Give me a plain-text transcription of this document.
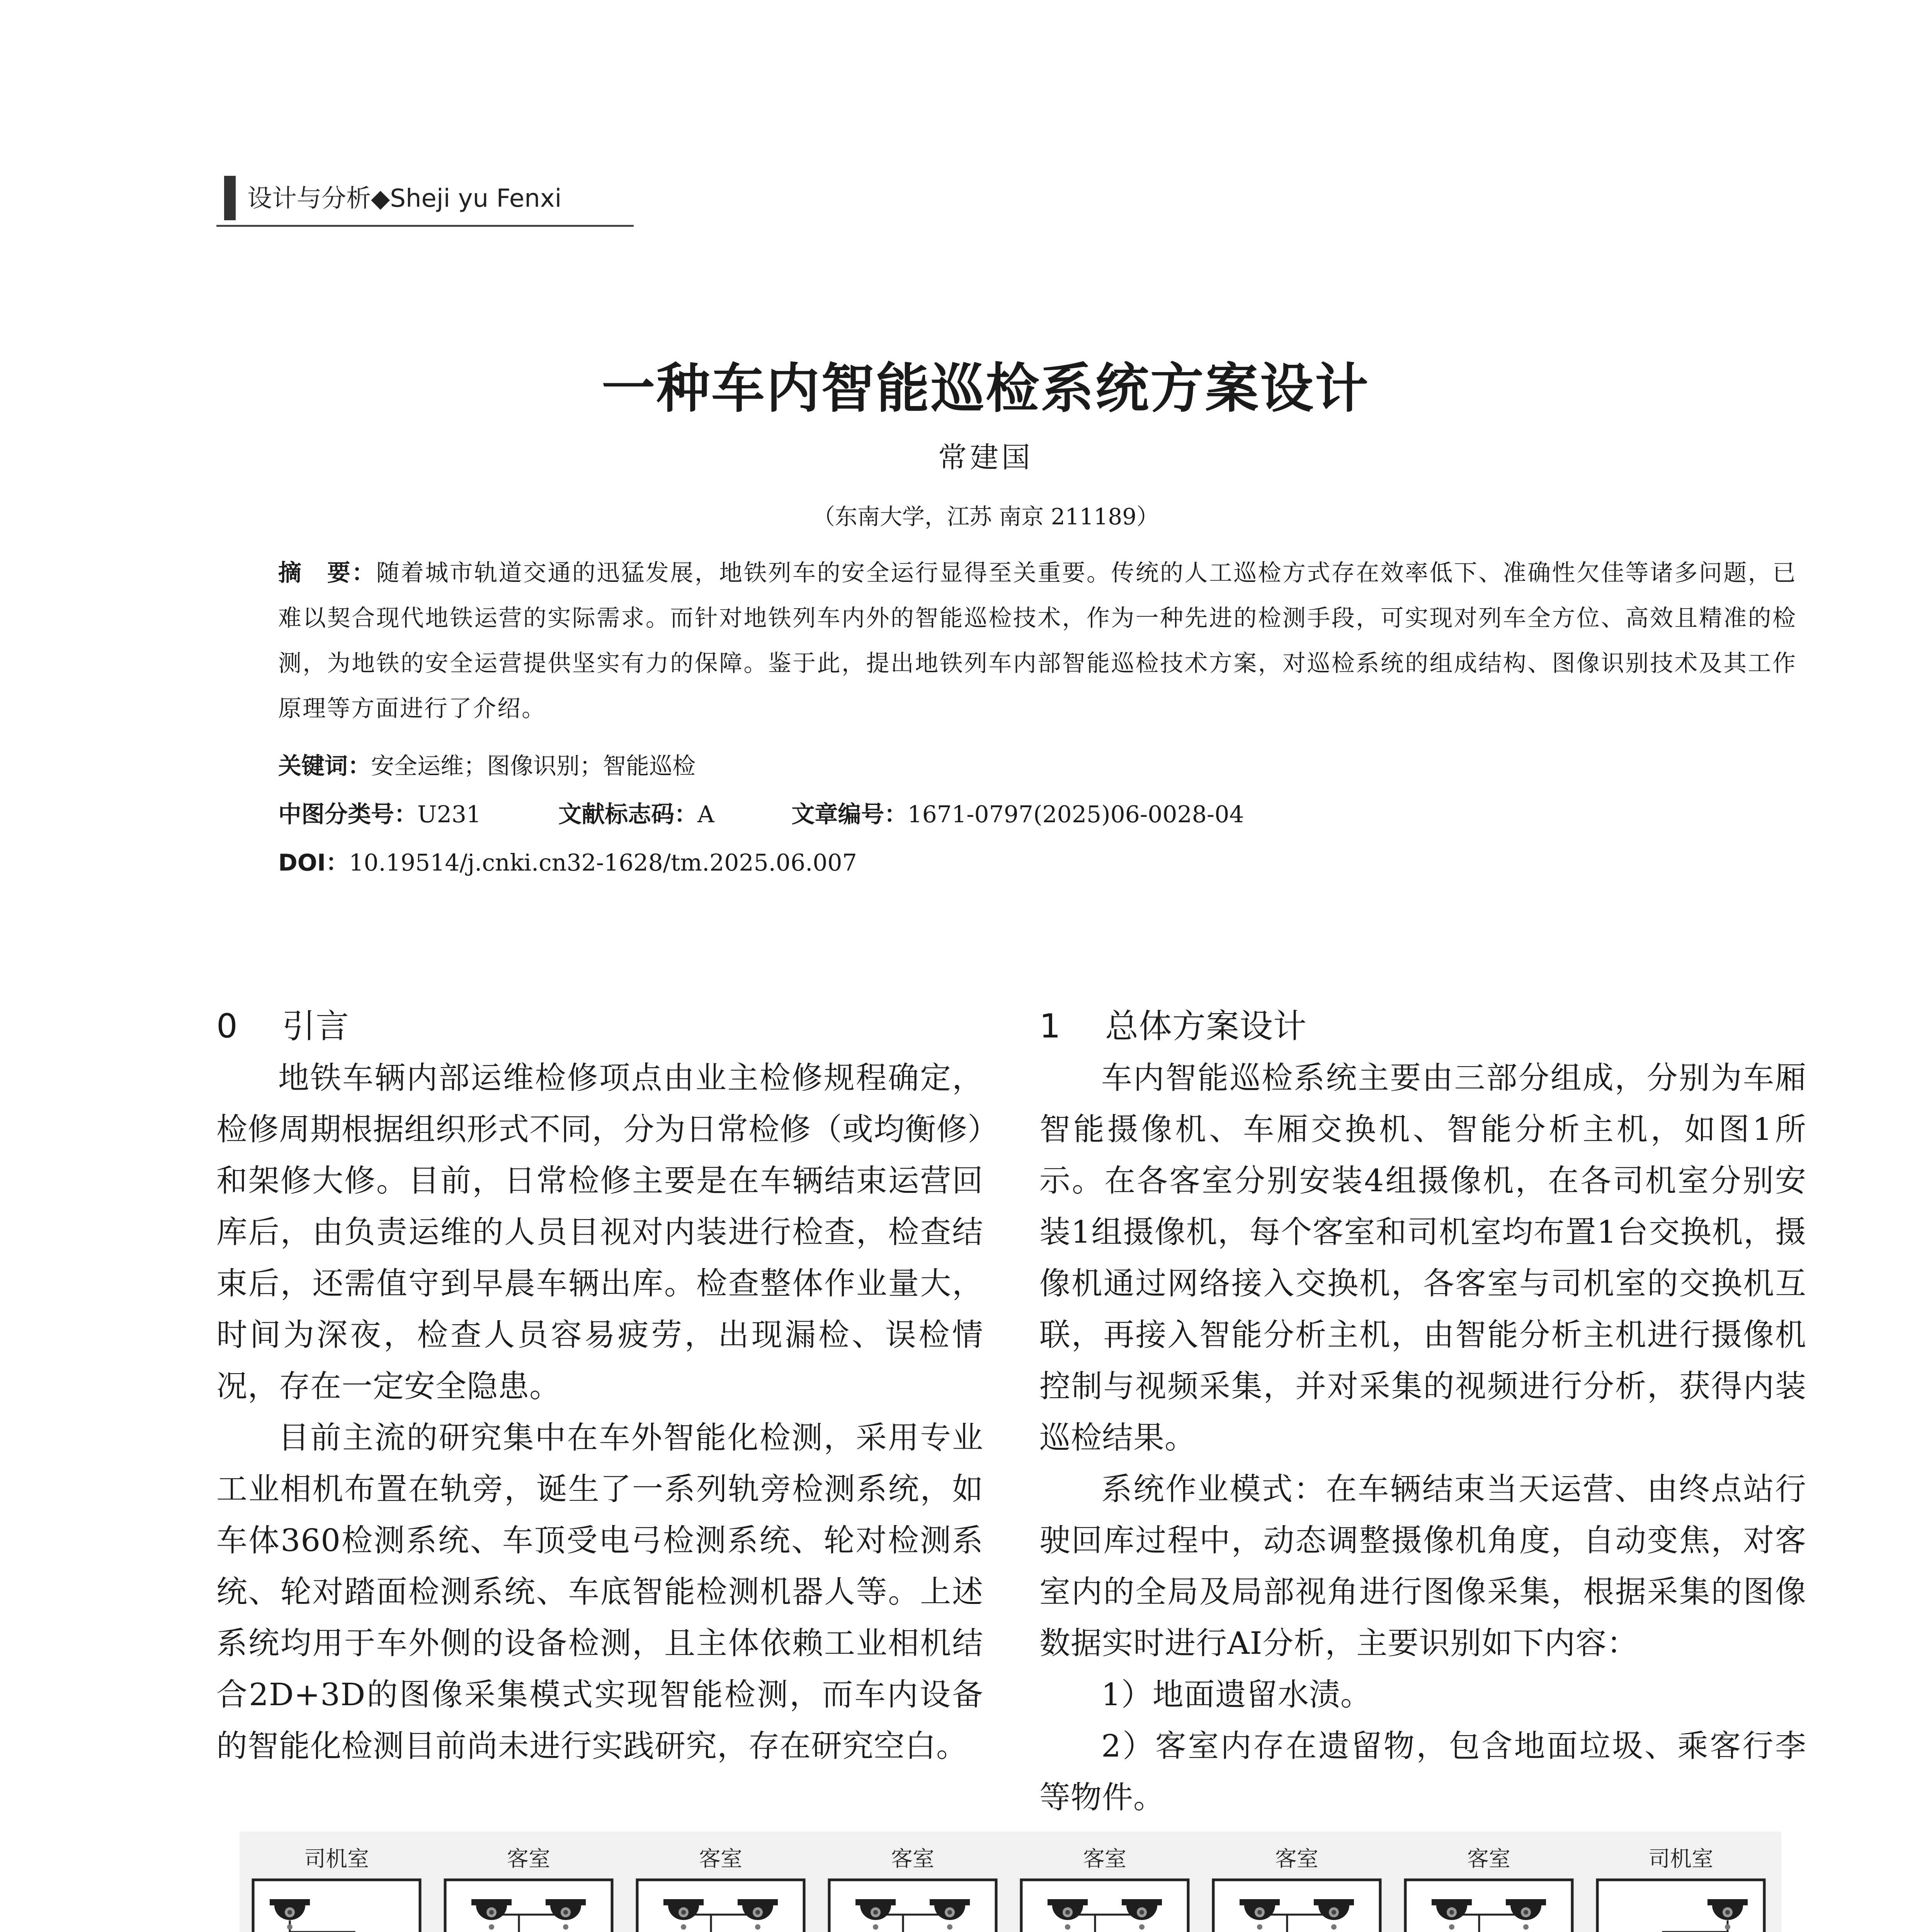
设计与分析◆Sheji yu Fenxi
一种车内智能巡检系统方案设计
常建国
（东南大学，江苏 南京 211189）
摘　要：随着城市轨道交通的迅猛发展，地铁列车的安全运行显得至关重要。传统的人工巡检方式存在效率低下、准确性欠佳等诸多问题，已难以契合现代地铁运营的实际需求。而针对地铁列车内外的智能巡检技术，作为一种先进的检测手段，可实现对列车全方位、高效且精准的检测，为地铁的安全运营提供坚实有力的保障。鉴于此，提出地铁列车内部智能巡检技术方案，对巡检系统的组成结构、图像识别技术及其工作原理等方面进行了介绍。
关键词：安全运维；图像识别；智能巡检
中图分类号：U231	文献标志码：A	文章编号：1671-0797(2025)06-0028-04
DOI：10.19514/j.cnki.cn32-1628/tm.2025.06.007
0 引言

地铁车辆内部运维检修项点由业主检修规程确定，检修周期根据组织形式不同，分为日常检修（或均衡修）和架修大修。目前，日常检修主要是在车辆结束运营回库后，由负责运维的人员目视对内装进行检查，检查结束后，还需值守到早晨车辆出库。检查整体作业量大，时间为深夜，检查人员容易疲劳，出现漏检、误检情况，存在一定安全隐患。

目前主流的研究集中在车外智能化检测，采用专业工业相机布置在轨旁，诞生了一系列轨旁检测系统，如车体360检测系统、车顶受电弓检测系统、轮对检测系统、轮对踏面检测系统、车底智能检测机器人等。上述系统均用于车外侧的设备检测，且主体依赖工业相机结合2D+3D的图像采集模式实现智能检测，而车内设备的智能化检测目前尚未进行实践研究，存在研究空白。

1 总体方案设计

车内智能巡检系统主要由三部分组成，分别为车厢智能摄像机、车厢交换机、智能分析主机，如图1所示。在各客室分别安装4组摄像机，在各司机室分别安装1组摄像机，每个客室和司机室均布置1台交换机，摄像机通过网络接入交换机，各客室与司机室的交换机互联，再接入智能分析主机，由智能分析主机进行摄像机控制与视频采集，并对采集的视频进行分析，获得内装巡检结果。

系统作业模式：在车辆结束当天运营、由终点站行驶回库过程中，动态调整摄像机角度，自动变焦，对客室内的全局及局部视角进行图像采集，根据采集的图像数据实时进行AI分析，主要识别如下内容：

1）地面遗留水渍。

2）客室内存在遗留物，包含地面垃圾、乘客行李等物件。

司机室	客室	客室	客室	客室	客室	客室	司机室
